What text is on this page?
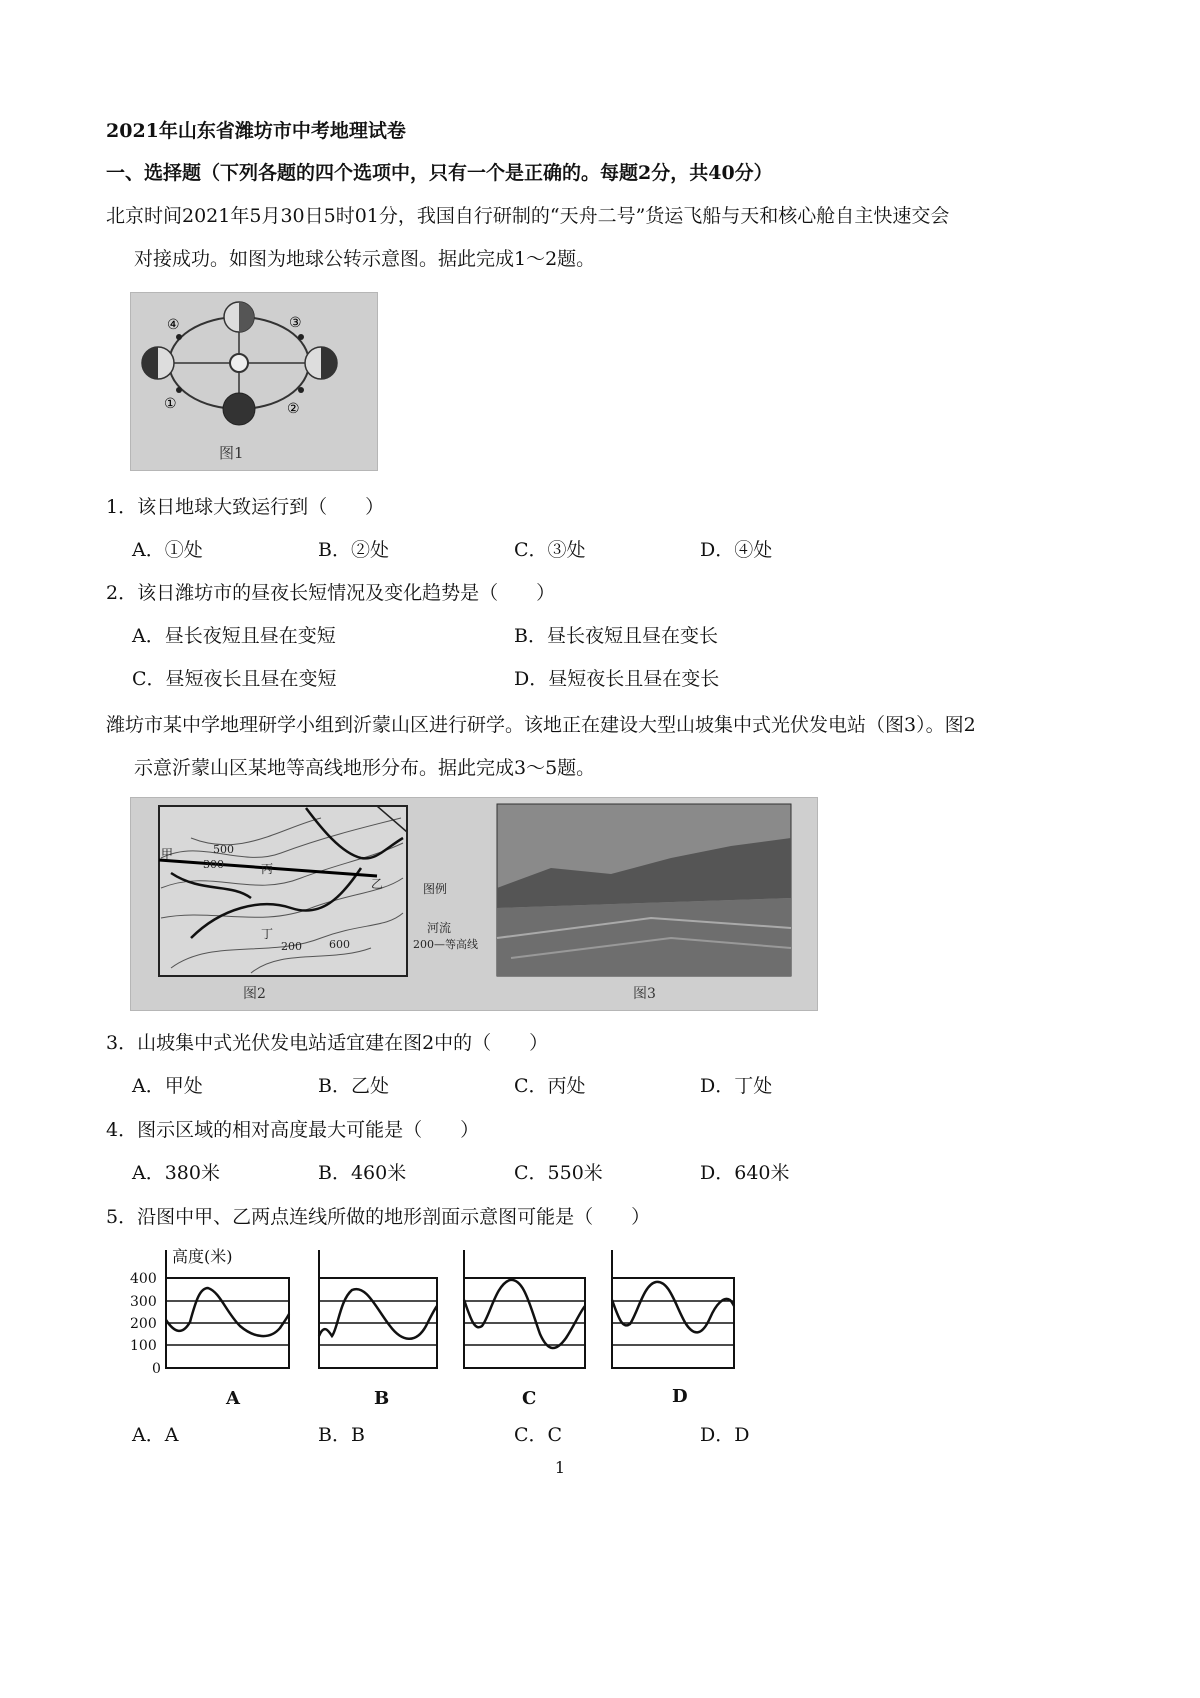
2021年山东省潍坊市中考地理试卷
一、选择题（下列各题的四个选项中，只有一个是正确的。每题2分，共40分）
北京时间2021年5月30日5时01分，我国自行研制的“天舟二号”货运飞船与天和核心舱自主快速交会
对接成功。如图为地球公转示意图。据此完成1～2题。
④	③
①	②
图1
1．该日地球大致运行到（　　）
A．①处	B．②处	C．③处	D．④处
2．该日潍坊市的昼夜长短情况及变化趋势是（　　）
A．昼长夜短且昼在变短	B．昼长夜短且昼在变长
C．昼短夜长且昼在变短	D．昼短夜长且昼在变长
潍坊市某中学地理研学小组到沂蒙山区进行研学。该地正在建设大型山坡集中式光伏发电站（图3）。图2
示意沂蒙山区某地等高线地形分布。据此完成3～5题。
甲
乙
丙
丁
500
300
200 600
图例
河流
200—等高线
图2	图3
3．山坡集中式光伏发电站适宜建在图2中的（　　）
A．甲处	B．乙处	C．丙处	D．丁处
4．图示区域的相对高度最大可能是（　　）
A．380米	B．460米	C．550米	D．640米
5．沿图中甲、乙两点连线所做的地形剖面示意图可能是（　　）
高度(米)
400
300
200
100
0
A	B	C	D
A．A	B．B	C．C	D．D
1
